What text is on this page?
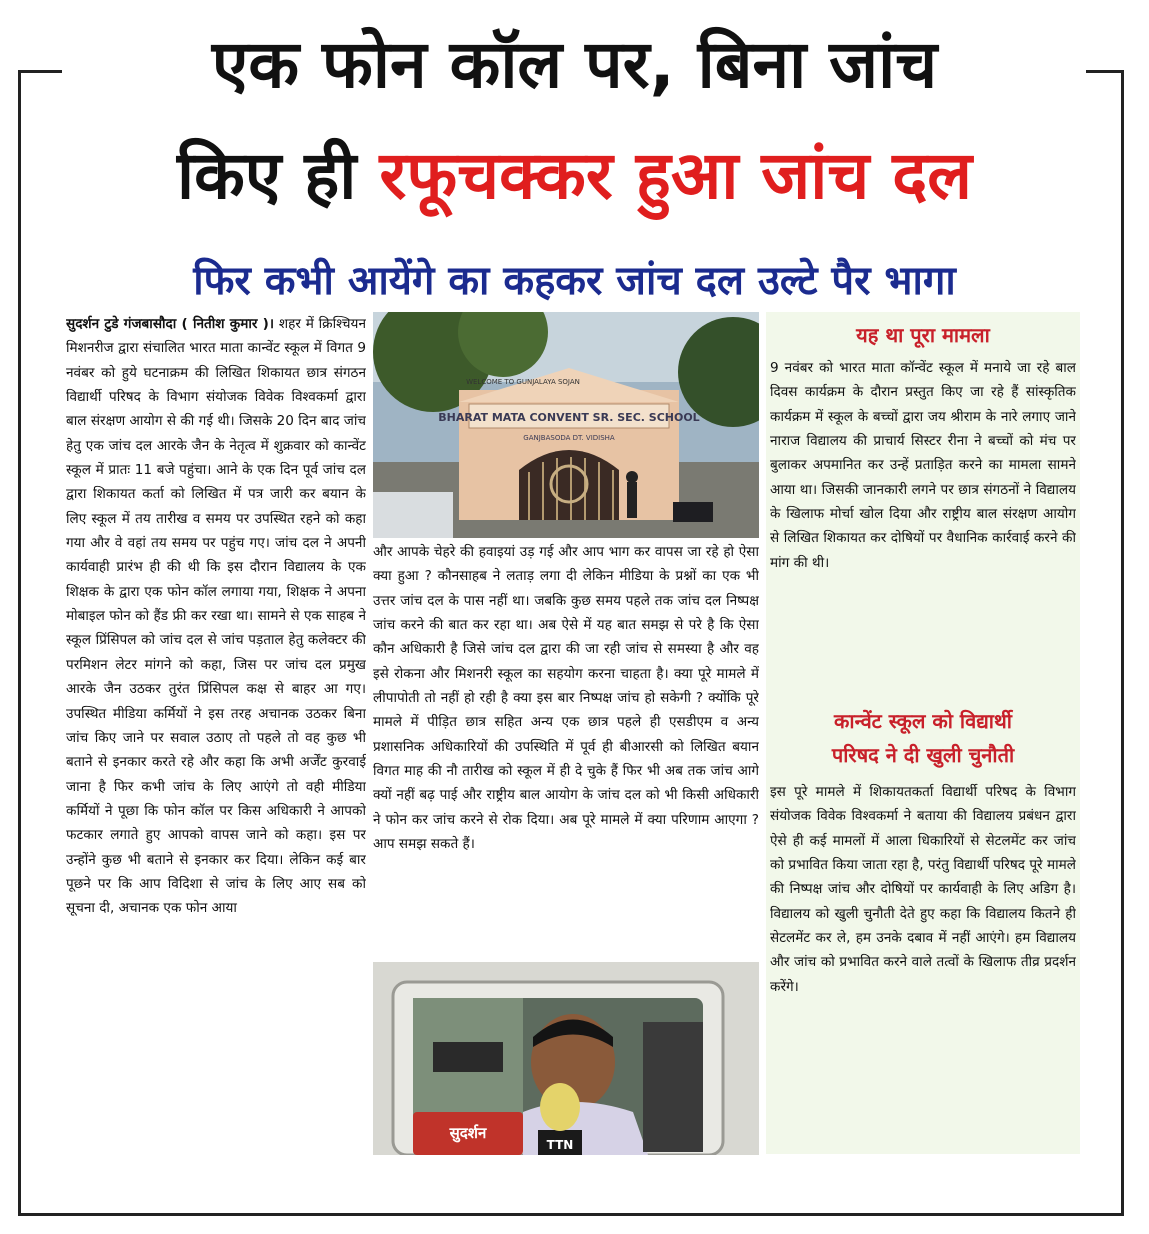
एक फोन कॉल पर, बिना जांच
किए ही रफूचक्कर हुआ जांच दल
फिर कभी आयेंगे का कहकर जांच दल उल्टे पैर भागा

सुदर्शन टुडे गंजबासौदा ( नितीश कुमार )। शहर में क्रिश्चियन मिशनरीज द्वारा संचालित भारत माता कान्वेंट स्कूल में विगत 9 नवंबर को हुये घटनाक्रम की लिखित शिकायत छात्र संगठन विद्यार्थी परिषद के विभाग संयोजक विवेक विश्वकर्मा द्वारा बाल संरक्षण आयोग से की गई थी। जिसके 20 दिन बाद जांच हेतु एक जांच दल आरके जैन के नेतृत्व में शुक्रवार को कान्वेंट स्कूल में प्रातः 11 बजे पहुंचा। आने के एक दिन पूर्व जांच दल द्वारा शिकायत कर्ता को लिखित में पत्र जारी कर बयान के लिए स्कूल में तय तारीख व समय पर उपस्थित रहने को कहा गया और वे वहां तय समय पर पहुंच गए। जांच दल ने अपनी कार्यवाही प्रारंभ ही की थी कि इस दौरान विद्यालय के एक शिक्षक के द्वारा एक फोन कॉल लगाया गया, शिक्षक ने अपना मोबाइल फोन को हैंड फ्री कर रखा था। सामने से एक साहब ने स्कूल प्रिंसिपल को जांच दल से जांच पड़ताल हेतु कलेक्टर की परमिशन लेटर मांगने को कहा, जिस पर जांच दल प्रमुख आरके जैन उठकर तुरंत प्रिंसिपल कक्ष से बाहर आ गए। उपस्थित मीडिया कर्मियों ने इस तरह अचानक उठकर बिना जांच किए जाने पर सवाल उठाए तो पहले तो वह कुछ भी बताने से इनकार करते रहे और कहा कि अभी अर्जेंट कुरवाई जाना है फिर कभी जांच के लिए आएंगे तो वही मीडिया कर्मियों ने पूछा कि फोन कॉल पर किस अधिकारी ने आपको फटकार लगाते हुए आपको वापस जाने को कहा। इस पर उन्होंने कुछ भी बताने से इनकार कर दिया। लेकिन कई बार पूछने पर कि आप विदिशा से जांच के लिए आए सब को सूचना दी, अचानक एक फोन आया

BHARAT MATA CONVENT SR. SEC. SCHOOL
GANJBASODA DT. VIDISHA
WELCOME TO GUNJALAYA SOJAN

और आपके चेहरे की हवाइयां उड़ गई और आप भाग कर वापस जा रहे हो ऐसा क्या हुआ ? कौनसाहब ने लताड़ लगा दी लेकिन मीडिया के प्रश्नों का एक भी उत्तर जांच दल के पास नहीं था। जबकि कुछ समय पहले तक जांच दल निष्पक्ष जांच करने की बात कर रहा था। अब ऐसे में यह बात समझ से परे है कि ऐसा कौन अधिकारी है जिसे जांच दल द्वारा की जा रही जांच से समस्या है और वह इसे रोकना और मिशनरी स्कूल का सहयोग करना चाहता है। क्या पूरे मामले में लीपापोती तो नहीं हो रही है क्या इस बार निष्पक्ष जांच हो सकेगी ? क्योंकि पूरे मामले में पीड़ित छात्र सहित अन्य एक छात्र पहले ही एसडीएम व अन्य प्रशासनिक अधिकारियों की उपस्थिति में पूर्व ही बीआरसी को लिखित बयान विगत माह की नौ तारीख को स्कूल में ही दे चुके हैं फिर भी अब तक जांच आगे क्यों नहीं बढ़ पाई और राष्ट्रीय बाल आयोग के जांच दल को भी किसी अधिकारी ने फोन कर जांच करने से रोक दिया। अब पूरे मामले में क्या परिणाम आएगा ? आप समझ सकते हैं।

सुदर्शन
TTN
यह था पूरा मामला

9 नवंबर को भारत माता कॉन्वेंट स्कूल में मनाये जा रहे बाल दिवस कार्यक्रम के दौरान प्रस्तुत किए जा रहे हैं सांस्कृतिक कार्यक्रम में स्कूल के बच्चों द्वारा जय श्रीराम के नारे लगाए जाने नाराज विद्यालय की प्राचार्य सिस्टर रीना ने बच्चों को मंच पर बुलाकर अपमानित कर उन्हें प्रताड़ित करने का मामला सामने आया था। जिसकी जानकारी लगने पर छात्र संगठनों ने विद्यालय के खिलाफ मोर्चा खोल दिया और राष्ट्रीय बाल संरक्षण आयोग से लिखित शिकायत कर दोषियों पर वैधानिक कार्रवाई करने की मांग की थी।

कान्वेंट स्कूल को विद्यार्थी
परिषद ने दी खुली चुनौती

इस पूरे मामले में शिकायतकर्ता विद्यार्थी परिषद के विभाग संयोजक विवेक विश्वकर्मा ने बताया की विद्यालय प्रबंधन द्वारा ऐसे ही कई मामलों में आला धिकारियों से सेटलमेंट कर जांच को प्रभावित किया जाता रहा है, परंतु विद्यार्थी परिषद पूरे मामले की निष्पक्ष जांच और दोषियों पर कार्यवाही के लिए अडिग है। विद्यालय को खुली चुनौती देते हुए कहा कि विद्यालय कितने ही सेटलमेंट कर ले, हम उनके दबाव में नहीं आएंगे। हम विद्यालय और जांच को प्रभावित करने वाले तत्वों के खिलाफ तीव्र प्रदर्शन करेंगे।
